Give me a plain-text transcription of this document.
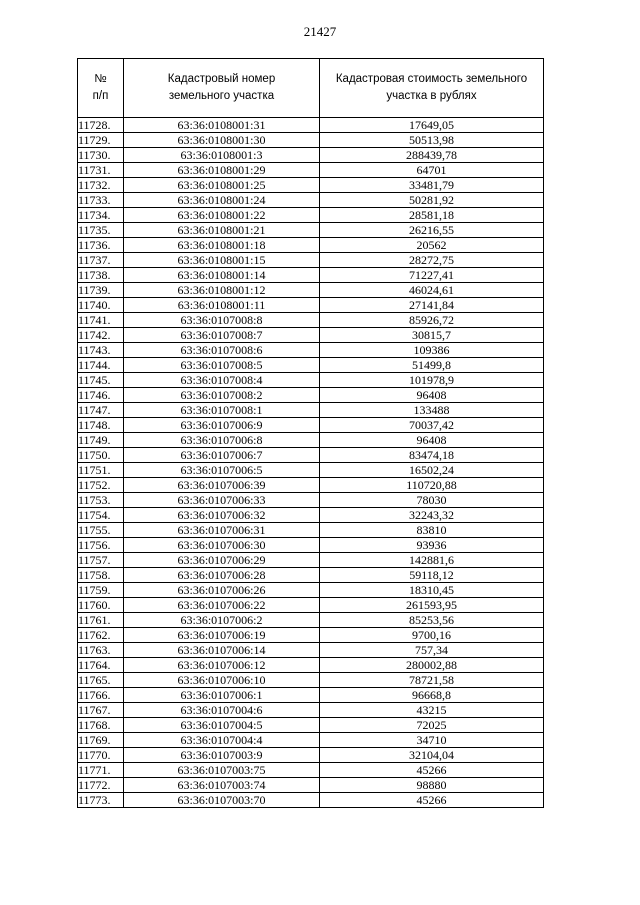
21427
№
п/п	Кадастровый номер земельного участка	Кадастровая стоимость земельного участка в рублях
11728.	63:36:0108001:31	17649,05
11729.	63:36:0108001:30	50513,98
11730.	63:36:0108001:3	288439,78
11731.	63:36:0108001:29	64701
11732.	63:36:0108001:25	33481,79
11733.	63:36:0108001:24	50281,92
11734.	63:36:0108001:22	28581,18
11735.	63:36:0108001:21	26216,55
11736.	63:36:0108001:18	20562
11737.	63:36:0108001:15	28272,75
11738.	63:36:0108001:14	71227,41
11739.	63:36:0108001:12	46024,61
11740.	63:36:0108001:11	27141,84
11741.	63:36:0107008:8	85926,72
11742.	63:36:0107008:7	30815,7
11743.	63:36:0107008:6	109386
11744.	63:36:0107008:5	51499,8
11745.	63:36:0107008:4	101978,9
11746.	63:36:0107008:2	96408
11747.	63:36:0107008:1	133488
11748.	63:36:0107006:9	70037,42
11749.	63:36:0107006:8	96408
11750.	63:36:0107006:7	83474,18
11751.	63:36:0107006:5	16502,24
11752.	63:36:0107006:39	110720,88
11753.	63:36:0107006:33	78030
11754.	63:36:0107006:32	32243,32
11755.	63:36:0107006:31	83810
11756.	63:36:0107006:30	93936
11757.	63:36:0107006:29	142881,6
11758.	63:36:0107006:28	59118,12
11759.	63:36:0107006:26	18310,45
11760.	63:36:0107006:22	261593,95
11761.	63:36:0107006:2	85253,56
11762.	63:36:0107006:19	9700,16
11763.	63:36:0107006:14	757,34
11764.	63:36:0107006:12	280002,88
11765.	63:36:0107006:10	78721,58
11766.	63:36:0107006:1	96668,8
11767.	63:36:0107004:6	43215
11768.	63:36:0107004:5	72025
11769.	63:36:0107004:4	34710
11770.	63:36:0107003:9	32104,04
11771.	63:36:0107003:75	45266
11772.	63:36:0107003:74	98880
11773.	63:36:0107003:70	45266
